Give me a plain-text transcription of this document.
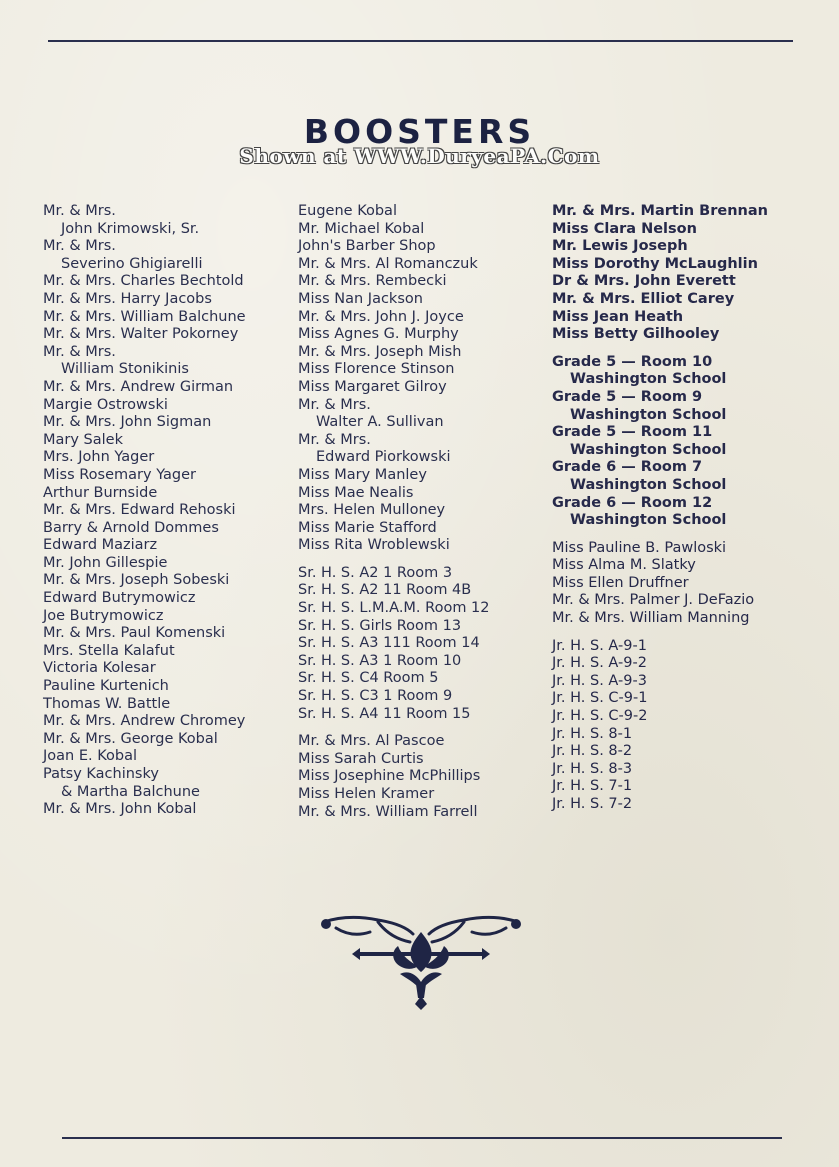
BOOSTERS
Shown at WWW.DuryeaPA.Com
Mr. & Mrs.
John Krimowski, Sr.
Mr. & Mrs.
Severino Ghigiarelli
Mr. & Mrs. Charles Bechtold
Mr. & Mrs. Harry Jacobs
Mr. & Mrs. William Balchune
Mr. & Mrs. Walter Pokorney
Mr. & Mrs.
William Stonikinis
Mr. & Mrs. Andrew Girman
Margie Ostrowski
Mr. & Mrs. John Sigman
Mary Salek
Mrs. John Yager
Miss Rosemary Yager
Arthur Burnside
Mr. & Mrs. Edward Rehoski
Barry & Arnold Dommes
Edward Maziarz
Mr. John Gillespie
Mr. & Mrs. Joseph Sobeski
Edward Butrymowicz
Joe Butrymowicz
Mr. & Mrs. Paul Komenski
Mrs. Stella Kalafut
Victoria Kolesar
Pauline Kurtenich
Thomas W. Battle
Mr. & Mrs. Andrew Chromey
Mr. & Mrs. George Kobal
Joan E. Kobal
Patsy Kachinsky
& Martha Balchune
Mr. & Mrs. John Kobal
Eugene Kobal
Mr. Michael Kobal
John's Barber Shop
Mr. & Mrs. Al Romanczuk
Mr. & Mrs. Rembecki
Miss Nan Jackson
Mr. & Mrs. John J. Joyce
Miss Agnes G. Murphy
Mr. & Mrs. Joseph Mish
Miss Florence Stinson
Miss Margaret Gilroy
Mr. & Mrs.
Walter A. Sullivan
Mr. & Mrs.
Edward Piorkowski
Miss Mary Manley
Miss Mae Nealis
Mrs. Helen Mulloney
Miss Marie Stafford
Miss Rita Wroblewski
Sr. H. S. A2 1 Room 3
Sr. H. S. A2 11 Room 4B
Sr. H. S. L.M.A.M. Room 12
Sr. H. S. Girls Room 13
Sr. H. S. A3 111 Room 14
Sr. H. S. A3 1 Room 10
Sr. H. S. C4 Room 5
Sr. H. S. C3 1 Room 9
Sr. H. S. A4 11 Room 15
Mr. & Mrs. Al Pascoe
Miss Sarah Curtis
Miss Josephine McPhillips
Miss Helen Kramer
Mr. & Mrs. William Farrell
Mr. & Mrs. Martin Brennan
Miss Clara Nelson
Mr. Lewis Joseph
Miss Dorothy McLaughlin
Dr & Mrs. John Everett
Mr. & Mrs. Elliot Carey
Miss Jean Heath
Miss Betty Gilhooley
Grade 5 — Room 10
Washington School
Grade 5 — Room 9
Washington School
Grade 5 — Room 11
Washington School
Grade 6 — Room 7
Washington School
Grade 6 — Room 12
Washington School
Miss Pauline B. Pawloski
Miss Alma M. Slatky
Miss Ellen Druffner
Mr. & Mrs. Palmer J. DeFazio
Mr. & Mrs. William Manning
Jr. H. S. A-9-1
Jr. H. S. A-9-2
Jr. H. S. A-9-3
Jr. H. S. C-9-1
Jr. H. S. C-9-2
Jr. H. S. 8-1
Jr. H. S. 8-2
Jr. H. S. 8-3
Jr. H. S. 7-1
Jr. H. S. 7-2
